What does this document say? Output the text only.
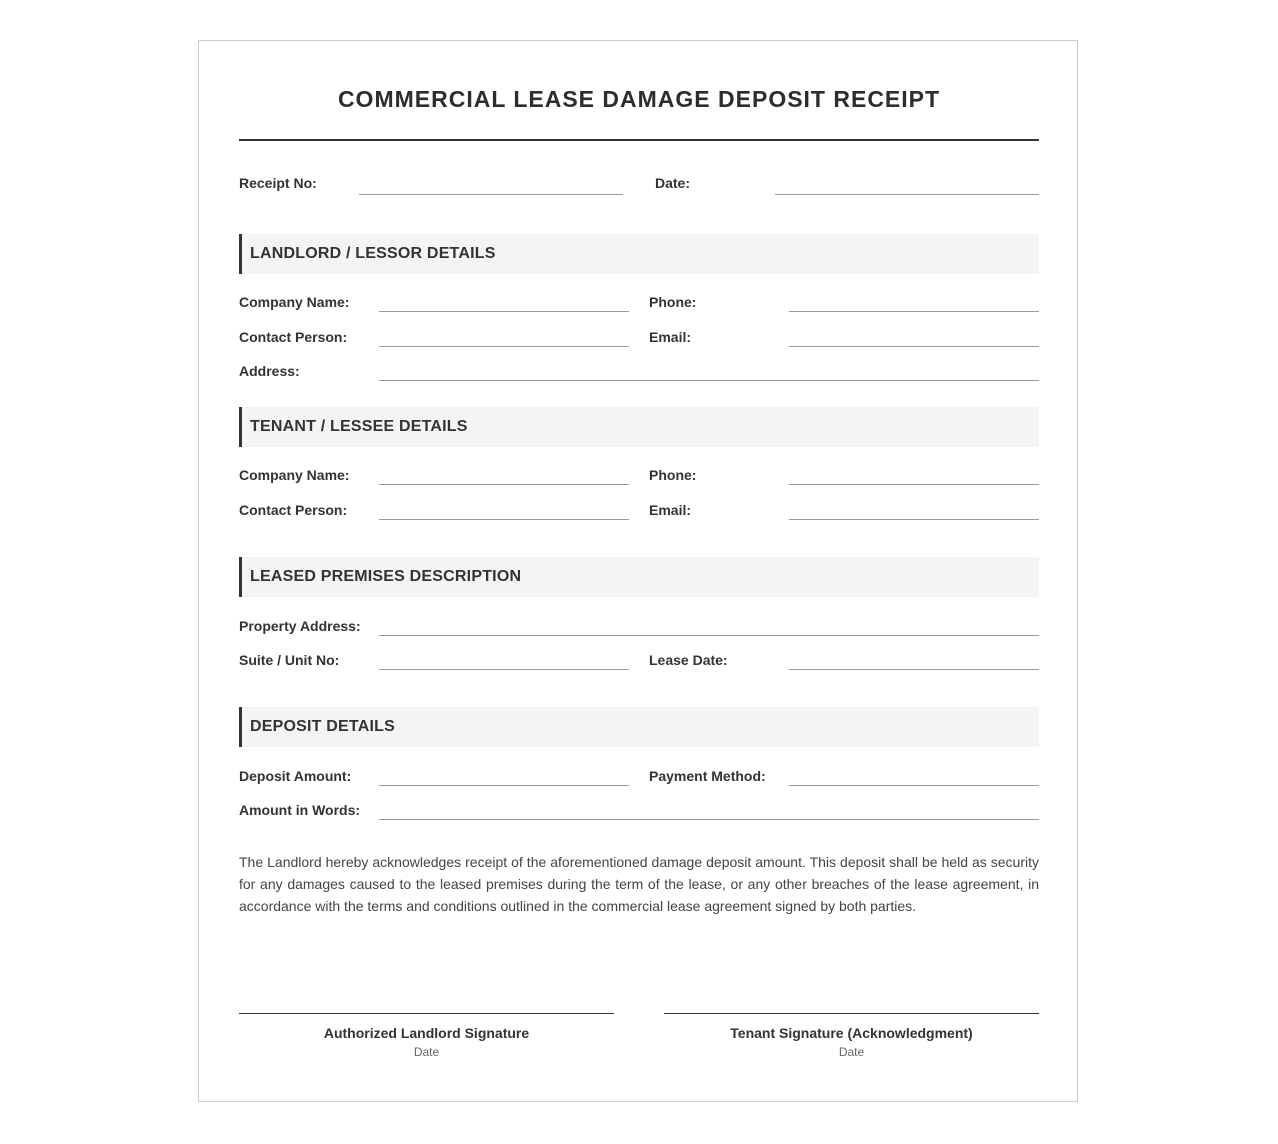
COMMERCIAL LEASE DAMAGE DEPOSIT RECEIPT
Receipt No:	Date:
LANDLORD / LESSOR DETAILS
Company Name:	Phone:
Contact Person:	Email:
Address:
TENANT / LESSEE DETAILS
Company Name:	Phone:
Contact Person:	Email:
LEASED PREMISES DESCRIPTION
Property Address:
Suite / Unit No:	Lease Date:
DEPOSIT DETAILS
Deposit Amount:	Payment Method:
Amount in Words:
The Landlord hereby acknowledges receipt of the aforementioned damage deposit amount. This deposit shall be held as security for any damages caused to the leased premises during the term of the lease, or any other breaches of the lease agreement, in accordance with the terms and conditions outlined in the commercial lease agreement signed by both parties.
Authorized Landlord Signature
Date
Tenant Signature (Acknowledgment)
Date
